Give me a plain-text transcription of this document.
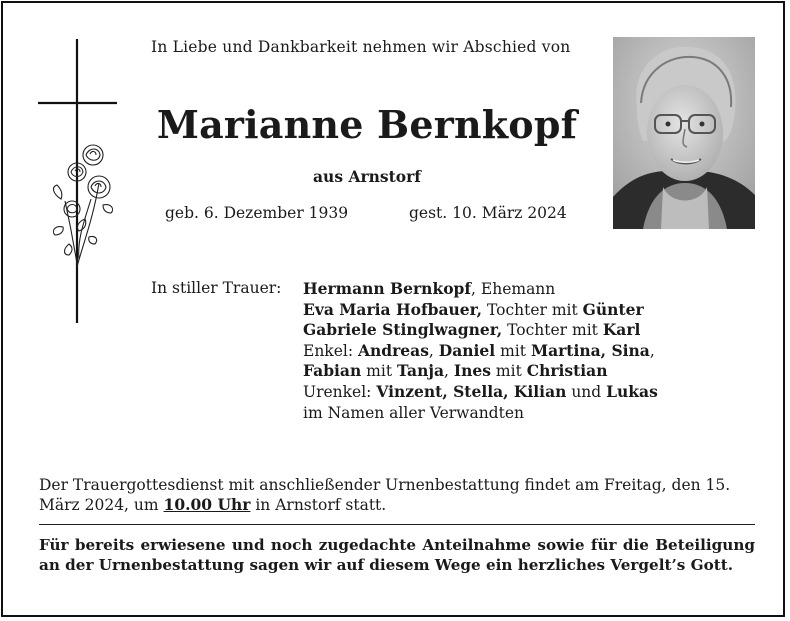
In Liebe und Dankbarkeit nehmen wir Abschied von
Marianne Bernkopf
aus Arnstorf
geb. 6. Dezember 1939	gest. 10. März 2024
In stiller Trauer: Hermann Bernkopf, Ehemann
Eva Maria Hofbauer, Tochter mit Günter
Gabriele Stinglwagner, Tochter mit Karl
Enkel: Andreas, Daniel mit Martina, Sina,
Fabian mit Tanja, Ines mit Christian
Urenkel: Vinzent, Stella, Kilian und Lukas
im Namen aller Verwandten
Der Trauergottesdienst mit anschließender Urnenbestattung findet am Freitag, den 15. März 2024, um 10.00 Uhr in Arnstorf statt.
Für bereits erwiesene und noch zugedachte Anteilnahme sowie für die Beteiligung an der Urnenbestattung sagen wir auf diesem Wege ein herzliches Vergelt’s Gott.
